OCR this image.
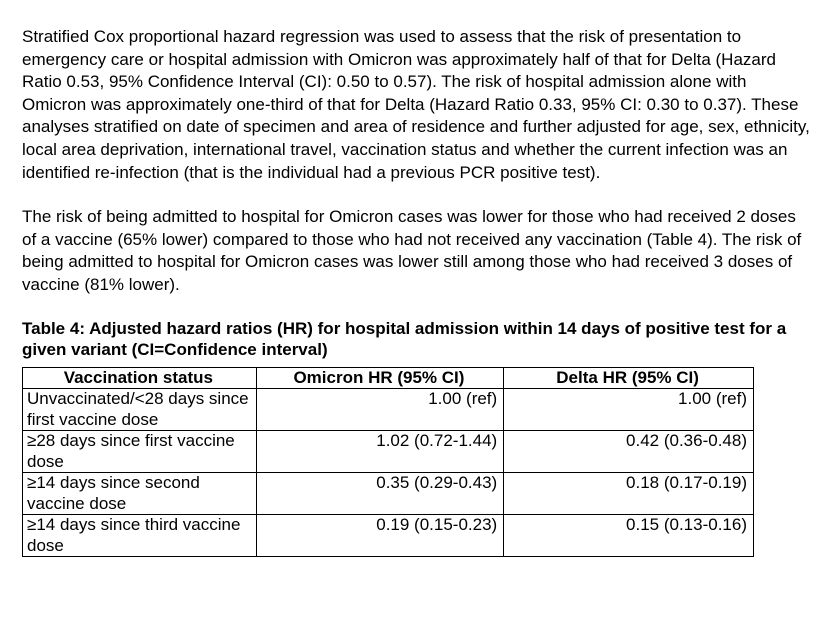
Stratified Cox proportional hazard regression was used to assess that the risk of presentation to emergency care or hospital admission with Omicron was approximately half of that for Delta (Hazard Ratio 0.53, 95% Confidence Interval (CI): 0.50 to 0.57). The risk of hospital admission alone with Omicron was approximately one-third of that for Delta (Hazard Ratio 0.33, 95% CI: 0.30 to 0.37). These analyses stratified on date of specimen and area of residence and further adjusted for age, sex, ethnicity, local area deprivation, international travel, vaccination status and whether the current infection was an identified re-infection (that is the individual had a previous PCR positive test).

The risk of being admitted to hospital for Omicron cases was lower for those who had received 2 doses of a vaccine (65% lower) compared to those who had not received any vaccination (Table 4). The risk of being admitted to hospital for Omicron cases was lower still among those who had received 3 doses of vaccine (81% lower).

Table 4: Adjusted hazard ratios (HR) for hospital admission within 14 days of positive test for a given variant (CI=Confidence interval)
Vaccination status	Omicron HR (95% CI)	Delta HR (95% CI)
Unvaccinated/<28 days since first vaccine dose	1.00 (ref)	1.00 (ref)
≥28 days since first vaccine dose	1.02 (0.72-1.44)	0.42 (0.36-0.48)
≥14 days since second vaccine dose	0.35 (0.29-0.43)	0.18 (0.17-0.19)
≥14 days since third vaccine dose	0.19 (0.15-0.23)	0.15 (0.13-0.16)
